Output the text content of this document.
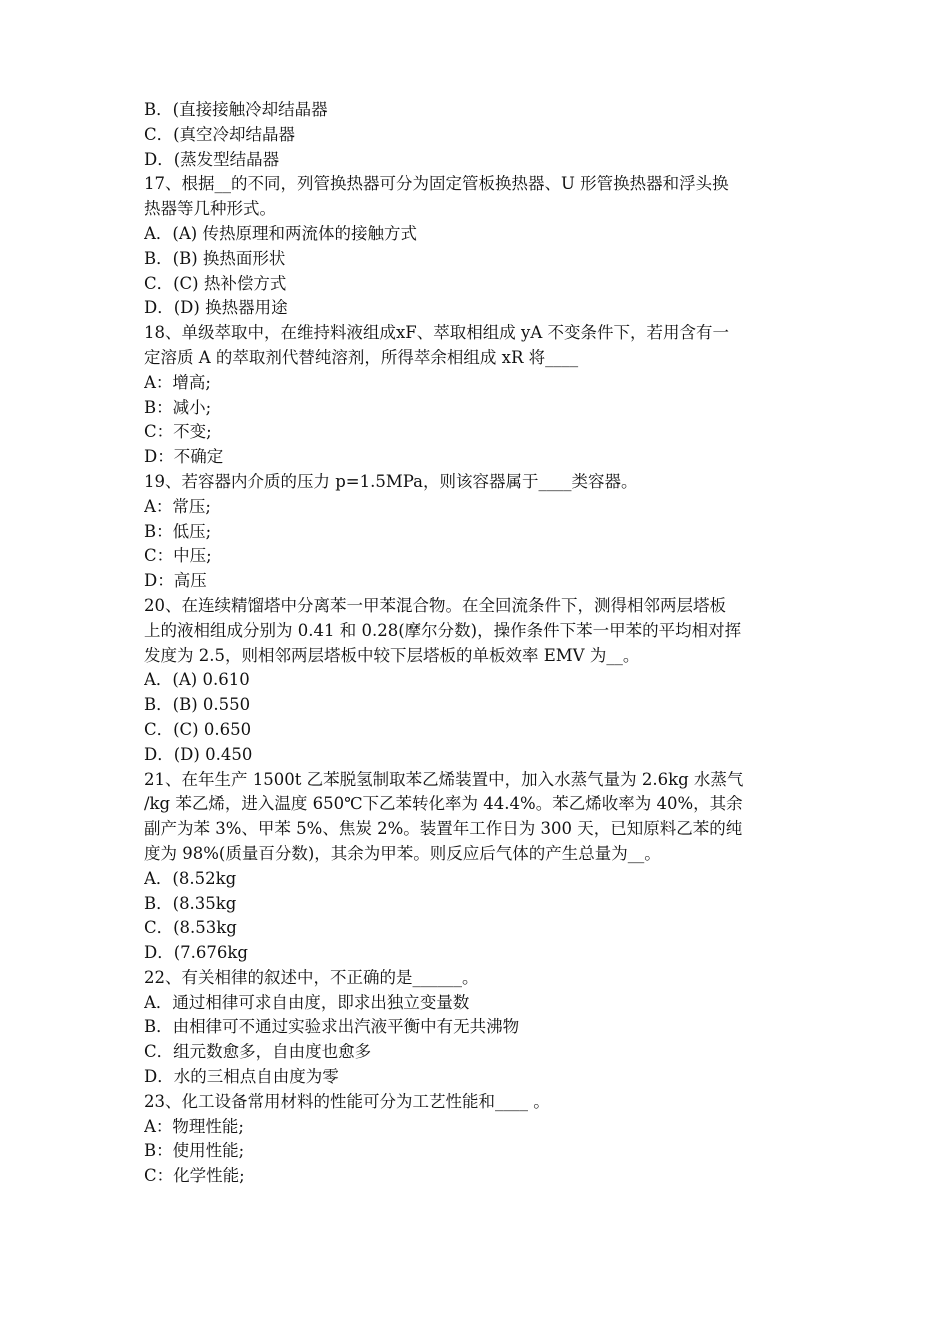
B．(直接接触冷却结晶器
C．(真空冷却结晶器
D．(蒸发型结晶器
17、根据__的不同，列管换热器可分为固定管板换热器、U 形管换热器和浮头换
热器等几种形式。
A．(A) 传热原理和两流体的接触方式
B．(B) 换热面形状
C．(C) 热补偿方式
D．(D) 换热器用途
18、单级萃取中，在维持料液组成xF、萃取相组成 yA 不变条件下，若用含有一
定溶质 A 的萃取剂代替纯溶剂，所得萃余相组成 xR 将____
A：增高;
B：减小;
C：不变;
D：不确定
19、若容器内介质的压力 p=1.5MPa，则该容器属于____类容器。
A：常压;
B：低压;
C：中压;
D：高压
20、在连续精馏塔中分离苯一甲苯混合物。在全回流条件下，测得相邻两层塔板
上的液相组成分别为 0.41 和 0.28(摩尔分数)，操作条件下苯一甲苯的平均相对挥
发度为 2.5，则相邻两层塔板中较下层塔板的单板效率 EMV 为__。
A．(A) 0.610
B．(B) 0.550
C．(C) 0.650
D．(D) 0.450
21、在年生产 1500t 乙苯脱氢制取苯乙烯装置中，加入水蒸气量为 2.6kg 水蒸气
/kg 苯乙烯，进入温度 650℃下乙苯转化率为 44.4%。苯乙烯收率为 40%，其余
副产为苯 3%、甲苯 5%、焦炭 2%。装置年工作日为 300 天，已知原料乙苯的纯
度为 98%(质量百分数)，其余为甲苯。则反应后气体的产生总量为__。
A．(8.52kg
B．(8.35kg
C．(8.53kg
D．(7.676kg
22、有关相律的叙述中，不正确的是______。
A．通过相律可求自由度，即求出独立变量数
B．由相律可不通过实验求出汽液平衡中有无共沸物
C．组元数愈多，自由度也愈多
D．水的三相点自由度为零
23、化工设备常用材料的性能可分为工艺性能和____ 。
A：物理性能;
B：使用性能;
C：化学性能;
